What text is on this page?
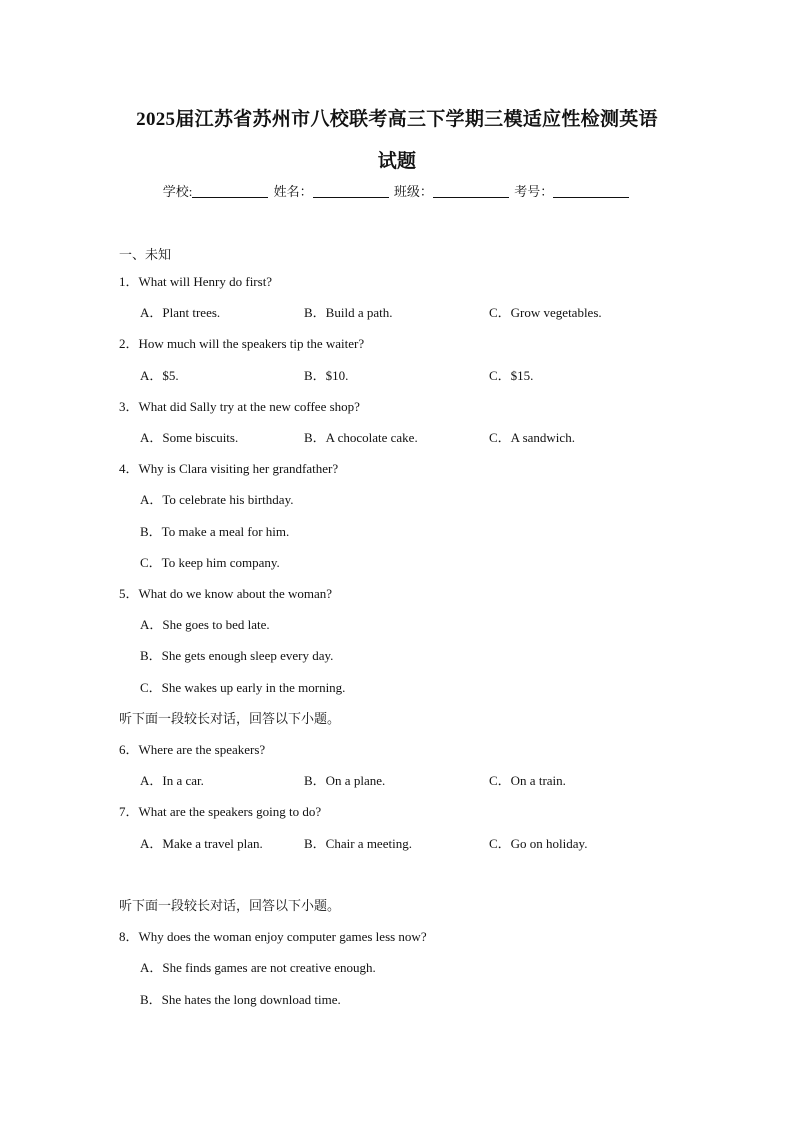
2025届江苏省苏州市八校联考高三下学期三模适应性检测英语
试题
学校:	姓名：	班级：	考号：
一、未知
1．What will Henry do first?
A．Plant trees.	B．Build a path.	C．Grow vegetables.
2．How much will the speakers tip the waiter?
A．$5.	B．$10.	C．$15.
3．What did Sally try at the new coffee shop?
A．Some biscuits.	B．A chocolate cake.	C．A sandwich.
4．Why is Clara visiting her grandfather?
A．To celebrate his birthday.
B．To make a meal for him.
C．To keep him company.
5．What do we know about the woman?
A．She goes to bed late.
B．She gets enough sleep every day.
C．She wakes up early in the morning.
听下面一段较长对话，回答以下小题。
6．Where are the speakers?
A．In a car.	B．On a plane.	C．On a train.
7．What are the speakers going to do?
A．Make a travel plan.	B．Chair a meeting.	C．Go on holiday.
听下面一段较长对话，回答以下小题。
8．Why does the woman enjoy computer games less now?
A．She finds games are not creative enough.
B．She hates the long download time.
